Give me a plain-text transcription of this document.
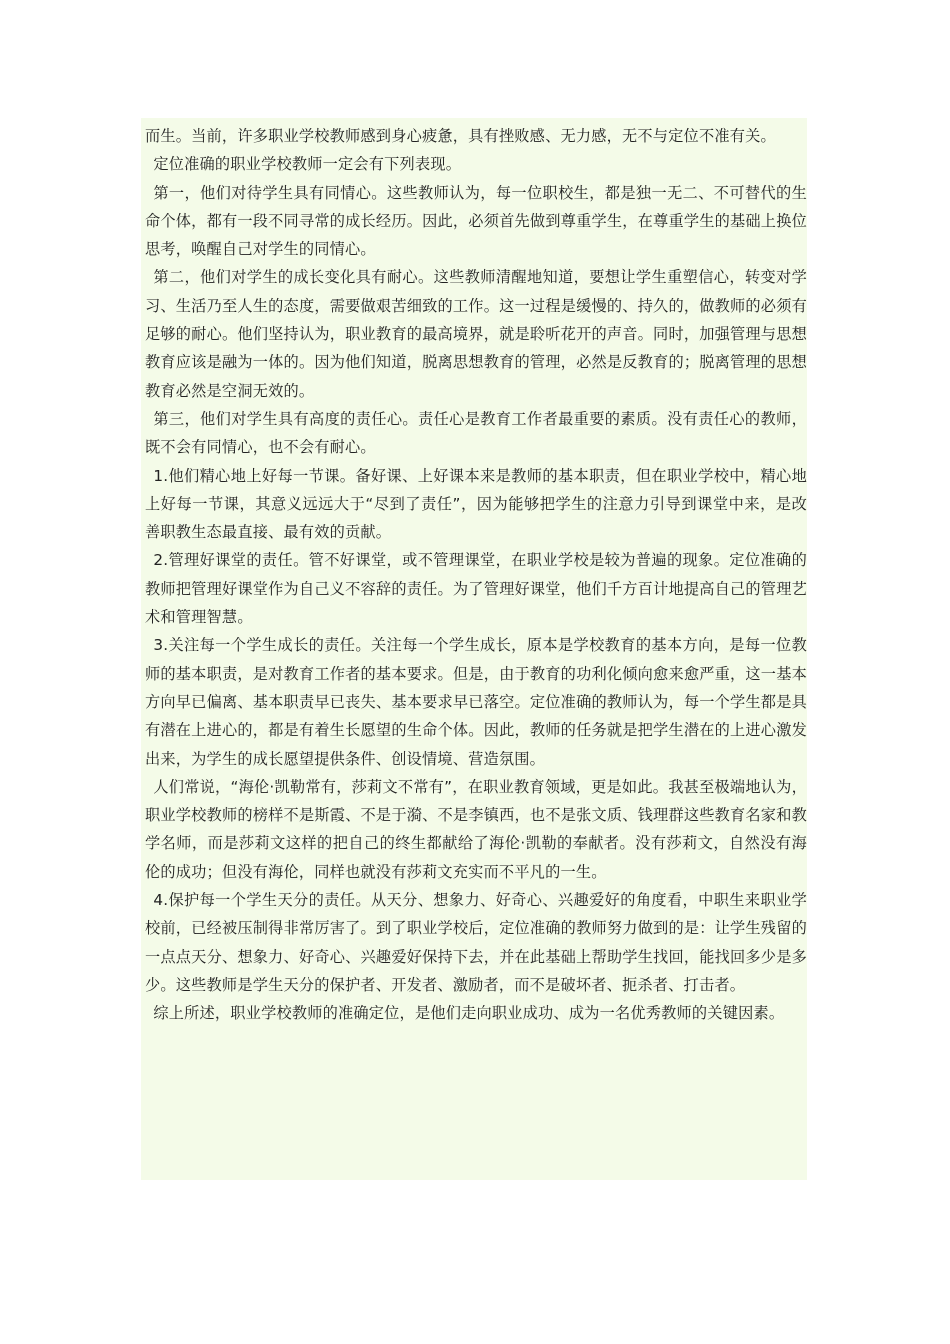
而生。当前，许多职业学校教师感到身心疲惫，具有挫败感、无力感，无不与定位不准有关。

定位准确的职业学校教师一定会有下列表现。

第一，他们对待学生具有同情心。这些教师认为，每一位职校生，都是独一无二、不可替代的生命个体，都有一段不同寻常的成长经历。因此，必须首先做到尊重学生，在尊重学生的基础上换位思考，唤醒自己对学生的同情心。

第二，他们对学生的成长变化具有耐心。这些教师清醒地知道，要想让学生重塑信心，转变对学习、生活乃至人生的态度，需要做艰苦细致的工作。这一过程是缓慢的、持久的，做教师的必须有足够的耐心。他们坚持认为，职业教育的最高境界，就是聆听花开的声音。同时，加强管理与思想教育应该是融为一体的。因为他们知道，脱离思想教育的管理，必然是反教育的；脱离管理的思想教育必然是空洞无效的。

第三，他们对学生具有高度的责任心。责任心是教育工作者最重要的素质。没有责任心的教师，既不会有同情心，也不会有耐心。

1.他们精心地上好每一节课。备好课、上好课本来是教师的基本职责，但在职业学校中，精心地上好每一节课，其意义远远大于“尽到了责任”，因为能够把学生的注意力引导到课堂中来，是改善职教生态最直接、最有效的贡献。

2.管理好课堂的责任。管不好课堂，或不管理课堂，在职业学校是较为普遍的现象。定位准确的教师把管理好课堂作为自己义不容辞的责任。为了管理好课堂，他们千方百计地提高自己的管理艺术和管理智慧。

3.关注每一个学生成长的责任。关注每一个学生成长，原本是学校教育的基本方向，是每一位教师的基本职责，是对教育工作者的基本要求。但是，由于教育的功利化倾向愈来愈严重，这一基本方向早已偏离、基本职责早已丧失、基本要求早已落空。定位准确的教师认为，每一个学生都是具有潜在上进心的，都是有着生长愿望的生命个体。因此，教师的任务就是把学生潜在的上进心激发出来，为学生的成长愿望提供条件、创设情境、营造氛围。

人们常说，“海伦·凯勒常有，莎莉文不常有”，在职业教育领域，更是如此。我甚至极端地认为，职业学校教师的榜样不是斯霞、不是于漪、不是李镇西，也不是张文质、钱理群这些教育名家和教学名师，而是莎莉文这样的把自己的终生都献给了海伦·凯勒的奉献者。没有莎莉文，自然没有海伦的成功；但没有海伦，同样也就没有莎莉文充实而不平凡的一生。

4.保护每一个学生天分的责任。从天分、想象力、好奇心、兴趣爱好的角度看，中职生来职业学校前，已经被压制得非常厉害了。到了职业学校后，定位准确的教师努力做到的是：让学生残留的一点点天分、想象力、好奇心、兴趣爱好保持下去，并在此基础上帮助学生找回，能找回多少是多少。这些教师是学生天分的保护者、开发者、激励者，而不是破坏者、扼杀者、打击者。

综上所述，职业学校教师的准确定位，是他们走向职业成功、成为一名优秀教师的关键因素。
